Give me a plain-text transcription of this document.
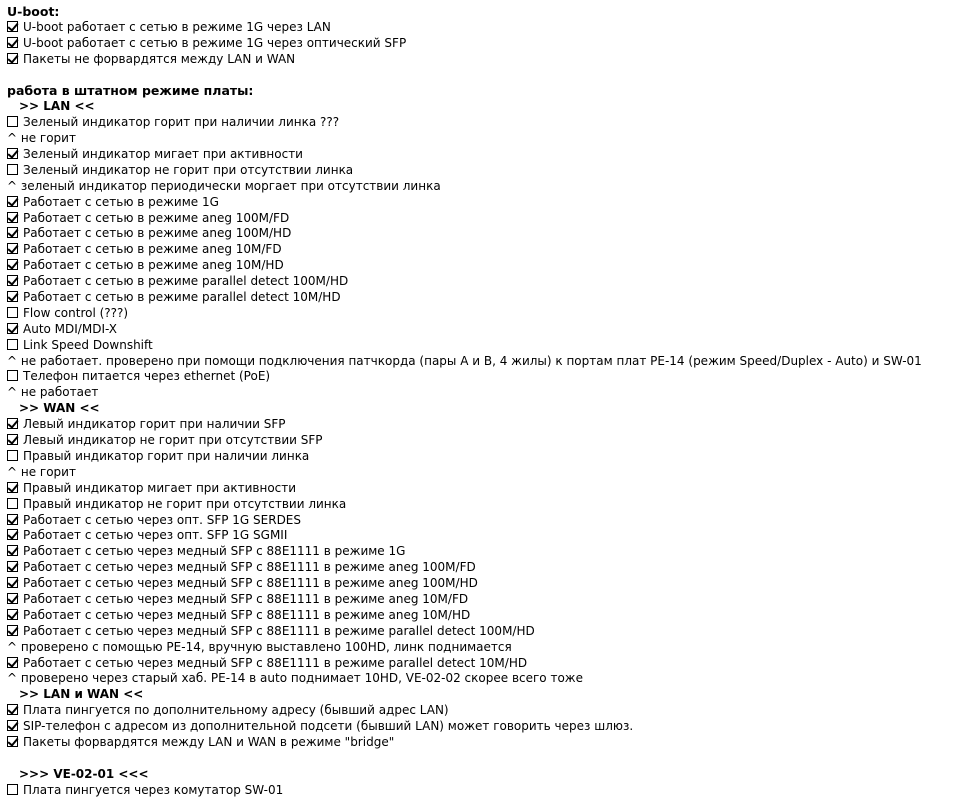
U-boot:
U-boot работает с сетью в режиме 1G через LAN
U-boot работает с сетью в режиме 1G через оптический SFP
Пакеты не форвардятся между LAN и WAN
работа в штатном режиме платы:
>> LAN <<
Зеленый индикатор горит при наличии линка ???
^ не горит
Зеленый индикатор мигает при активности
Зеленый индикатор не горит при отсутствии линка
^ зеленый индикатор периодически моргает при отсутствии линка
Работает с сетью в режиме 1G
Работает с сетью в режиме aneg 100M/FD
Работает с сетью в режиме aneg 100M/HD
Работает с сетью в режиме aneg 10M/FD
Работает с сетью в режиме aneg 10M/HD
Работает с сетью в режиме parallel detect 100M/HD
Работает с сетью в режиме parallel detect 10M/HD
Flow control (???)
Auto MDI/MDI-X
Link Speed Downshift
^ не работает. проверено при помощи подключения патчкорда (пары A и B, 4 жилы) к портам плат PE-14 (режим Speed/Duplex - Auto) и SW-01
Телефон питается через ethernet (PoE)
^ не работает
>> WAN <<
Левый индикатор горит при наличии SFP
Левый индикатор не горит при отсутствии SFP
Правый индикатор горит при наличии линка
^ не горит
Правый индикатор мигает при активности
Правый индикатор не горит при отсутствии линка
Работает с сетью через опт. SFP 1G SERDES
Работает с сетью через опт. SFP 1G SGMII
Работает с сетью через медный SFP с 88E1111 в режиме 1G
Работает с сетью через медный SFP с 88E1111 в режиме aneg 100M/FD
Работает с сетью через медный SFP с 88E1111 в режиме aneg 100M/HD
Работает с сетью через медный SFP с 88E1111 в режиме aneg 10M/FD
Работает с сетью через медный SFP с 88E1111 в режиме aneg 10M/HD
Работает с сетью через медный SFP с 88E1111 в режиме parallel detect 100M/HD
^ проверено с помощью PE-14, вручную выставлено 100HD, линк поднимается
Работает с сетью через медный SFP с 88E1111 в режиме parallel detect 10M/HD
^ проверено через старый хаб. PE-14 в auto поднимает 10HD, VE-02-02 скорее всего тоже
>> LAN и WAN <<
Плата пингуется по дополнительному адресу (бывший адрес LAN)
SIP-телефон с адресом из дополнительной подсети (бывший LAN) может говорить через шлюз.
Пакеты форвардятся между LAN и WAN в режиме "bridge"
>>> VE-02-01 <<<
Плата пингуется через комутатор SW-01
